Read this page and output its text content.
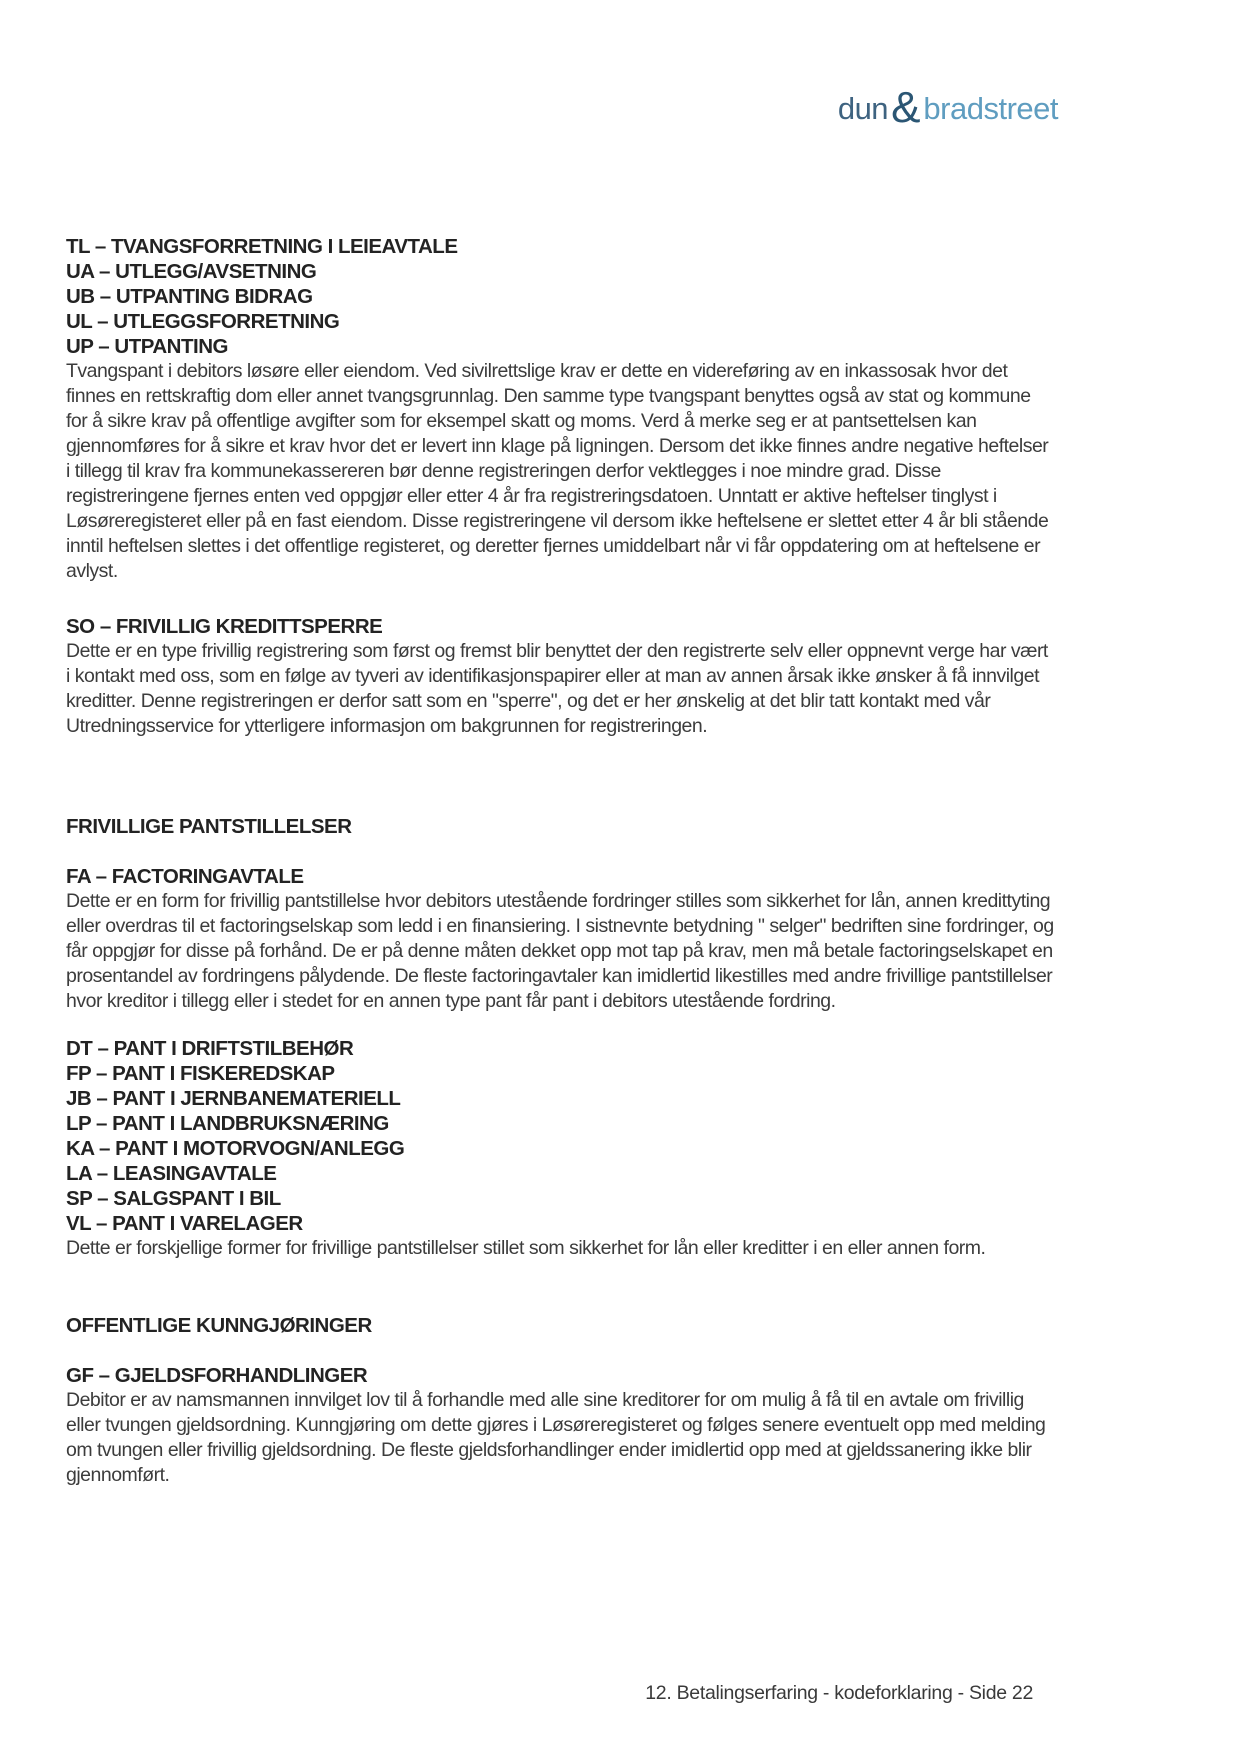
dun & bradstreet
TL – TVANGSFORRETNING I LEIEAVTALE
UA – UTLEGG/AVSETNING
UB – UTPANTING BIDRAG
UL – UTLEGGSFORRETNING
UP – UTPANTING

Tvangspant i debitors løsøre eller eiendom. Ved sivilrettslige krav er dette en videreføring av en inkassosak hvor det finnes en rettskraftig dom eller annet tvangsgrunnlag. Den samme type tvangspant benyttes også av stat og kommune for å sikre krav på offentlige avgifter som for eksempel skatt og moms. Verd å merke seg er at pantsettelsen kan gjennomføres for å sikre et krav hvor det er levert inn klage på ligningen. Dersom det ikke finnes andre negative heftelser i tillegg til krav fra kommunekassereren bør denne registreringen derfor vektlegges i noe mindre grad. Disse registreringene fjernes enten ved oppgjør eller etter 4 år fra registreringsdatoen. Unntatt er aktive heftelser tinglyst i Løsøreregisteret eller på en fast eiendom. Disse registreringene vil dersom ikke heftelsene er slettet etter 4 år bli stående inntil heftelsen slettes i det offentlige registeret, og deretter fjernes umiddelbart når vi får oppdatering om at heftelsene er avlyst.

SO – FRIVILLIG KREDITTSPERRE

Dette er en type frivillig registrering som først og fremst blir benyttet der den registrerte selv eller oppnevnt verge har vært i kontakt med oss, som en følge av tyveri av identifikasjonspapirer eller at man av annen årsak ikke ønsker å få innvilget kreditter. Denne registreringen er derfor satt som en "sperre", og det er her ønskelig at det blir tatt kontakt med vår Utredningsservice for ytterligere informasjon om bakgrunnen for registreringen.

FRIVILLIGE PANTSTILLELSER
FA – FACTORINGAVTALE

Dette er en form for frivillig pantstillelse hvor debitors utestående fordringer stilles som sikkerhet for lån, annen kredittyting eller overdras til et factoringselskap som ledd i en finansiering. I sistnevnte betydning " selger" bedriften sine fordringer, og får oppgjør for disse på forhånd. De er på denne måten dekket opp mot tap på krav, men må betale factoringselskapet en prosentandel av fordringens pålydende. De fleste factoringavtaler kan imidlertid likestilles med andre frivillige pantstillelser hvor kreditor i tillegg eller i stedet for en annen type pant får pant i debitors utestående fordring.

DT – PANT I DRIFTSTILBEHØR
FP – PANT I FISKEREDSKAP
JB – PANT I JERNBANEMATERIELL
LP – PANT I LANDBRUKSNÆRING
KA – PANT I MOTORVOGN/ANLEGG
LA – LEASINGAVTALE
SP – SALGSPANT I BIL
VL – PANT I VARELAGER

Dette er forskjellige former for frivillige pantstillelser stillet som sikkerhet for lån eller kreditter i en eller annen form.

OFFENTLIGE KUNNGJØRINGER
GF – GJELDSFORHANDLINGER

Debitor er av namsmannen innvilget lov til å forhandle med alle sine kreditorer for om mulig å få til en avtale om frivillig eller tvungen gjeldsordning. Kunngjøring om dette gjøres i Løsøreregisteret og følges senere eventuelt opp med melding om tvungen eller frivillig gjeldsordning. De fleste gjeldsforhandlinger ender imidlertid opp med at gjeldssanering ikke blir gjennomført.

12. Betalingserfaring - kodeforklaring - Side 22
